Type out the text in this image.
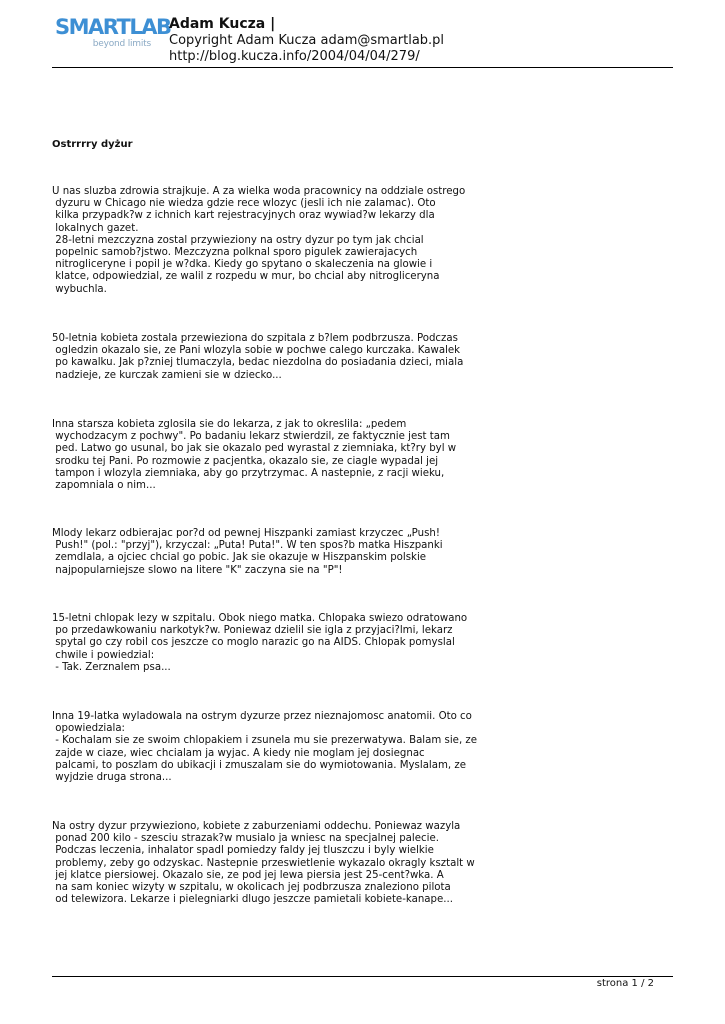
SMARTLAB
beyond limits

Adam Kucza |

Copyright Adam Kucza adam@smartlab.pl

http://blog.kucza.info/2004/04/04/279/

Ostrrrry dyżur

U nas sluzba zdrowia strajkuje. A za wielka woda pracownicy na oddziale ostrego
dyzuru w Chicago nie wiedza gdzie rece wlozyc (jesli ich nie zalamac). Oto
kilka przypadk?w z ichnich kart rejestracyjnych oraz wywiad?w lekarzy dla
lokalnych gazet.
28-letni mezczyzna zostal przywieziony na ostry dyzur po tym jak chcial
popelnic samob?jstwo. Mezczyzna polknal sporo pigulek zawierajacych
nitrogliceryne i popil je w?dka. Kiedy go spytano o skaleczenia na glowie i
klatce, odpowiedzial, ze walil z rozpedu w mur, bo chcial aby nitrogliceryna
wybuchla.

50-letnia kobieta zostala przewieziona do szpitala z b?lem podbrzusza. Podczas
ogledzin okazalo sie, ze Pani wlozyla sobie w pochwe calego kurczaka. Kawalek
po kawalku. Jak p?zniej tlumaczyla, bedac niezdolna do posiadania dzieci, miala
nadzieje, ze kurczak zamieni sie w dziecko...

Inna starsza kobieta zglosila sie do lekarza, z jak to okreslila: „pedem
wychodzacym z pochwy". Po badaniu lekarz stwierdzil, ze faktycznie jest tam
ped. Latwo go usunal, bo jak sie okazalo ped wyrastal z ziemniaka, kt?ry byl w
srodku tej Pani. Po rozmowie z pacjentka, okazalo sie, ze ciagle wypadal jej
tampon i wlozyla ziemniaka, aby go przytrzymac. A nastepnie, z racji wieku,
zapomniala o nim...

Mlody lekarz odbierajac por?d od pewnej Hiszpanki zamiast krzyczec „Push!
Push!" (pol.: "przyj"), krzyczal: „Puta! Puta!". W ten spos?b matka Hiszpanki
zemdlala, a ojciec chcial go pobic. Jak sie okazuje w Hiszpanskim polskie
najpopularniejsze slowo na litere "K" zaczyna sie na "P"!

15-letni chlopak lezy w szpitalu. Obok niego matka. Chlopaka swiezo odratowano
po przedawkowaniu narkotyk?w. Poniewaz dzielil sie igla z przyjaci?lmi, lekarz
spytal go czy robil cos jeszcze co moglo narazic go na AIDS. Chlopak pomyslal
chwile i powiedzial:
- Tak. Zerznalem psa...

Inna 19-latka wyladowala na ostrym dyzurze przez nieznajomosc anatomii. Oto co
opowiedziala:
- Kochalam sie ze swoim chlopakiem i zsunela mu sie prezerwatywa. Balam sie, ze
zajde w ciaze, wiec chcialam ja wyjac. A kiedy nie moglam jej dosiegnac
palcami, to poszlam do ubikacji i zmuszalam sie do wymiotowania. Myslalam, ze
wyjdzie druga strona...

Na ostry dyzur przywieziono, kobiete z zaburzeniami oddechu. Poniewaz wazyla
ponad 200 kilo - szesciu strazak?w musialo ja wniesc na specjalnej palecie.
Podczas leczenia, inhalator spadl pomiedzy faldy jej tluszczu i byly wielkie
problemy, zeby go odzyskac. Nastepnie przeswietlenie wykazalo okragly ksztalt w
jej klatce piersiowej. Okazalo sie, ze pod jej lewa piersia jest 25-cent?wka. A
na sam koniec wizyty w szpitalu, w okolicach jej podbrzusza znaleziono pilota
od telewizora. Lekarze i pielegniarki dlugo jeszcze pamietali kobiete-kanape...

strona 1 / 2
